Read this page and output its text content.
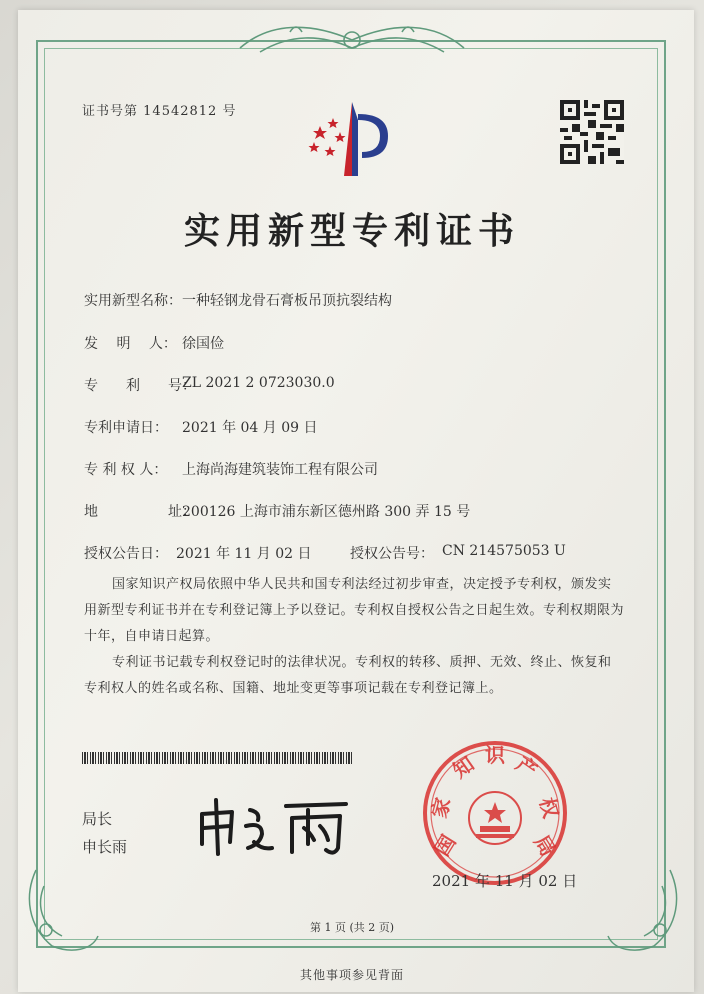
证书号第 14542812 号
实用新型专利证书
实用新型名称： 一种轻钢龙骨石膏板吊顶抗裂结构
发　 明　 人： 徐国俭
专　　利　　号：
ZL 2021 2 0723030.0
专利申请日： 2021 年 04 月 09 日
专 利 权 人： 上海尚海建筑装饰工程有限公司
地　　　　　址：
200126 上海市浦东新区德州路 300 弄 15 号
授权公告日： 2021 年 11 月 02 日	授权公告号： CN 214575053 U
国家知识产权局依照中华人民共和国专利法经过初步审查，决定授予专利权，颁发实用新型专利证书并在专利登记簿上予以登记。专利权自授权公告之日起生效。专利权期限为十年，自申请日起算。
专利证书记载专利权登记时的法律状况。专利权的转移、质押、无效、终止、恢复和专利权人的姓名或名称、国籍、地址变更等事项记载在专利登记簿上。
局长
申长雨	国
家
知 识 产
权
局
2021 年 11 月 02 日
第 1 页 (共 2 页)
其他事项参见背面
